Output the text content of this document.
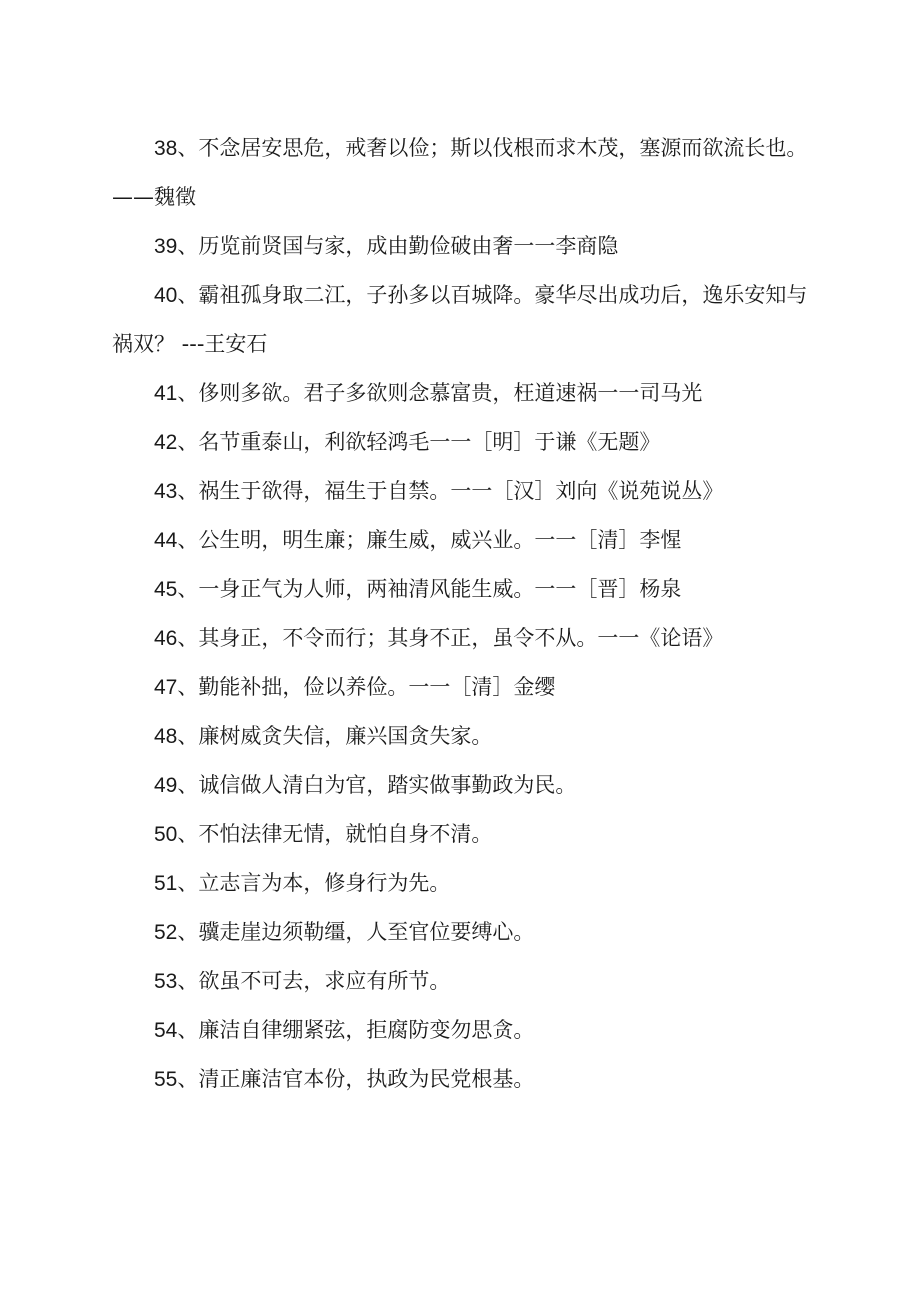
38、不念居安思危，戒奢以俭；斯以伐根而求木茂，塞源而欲流长也。

——魏徵

39、历览前贤国与家，成由勤俭破由奢一一李商隐

40、霸祖孤身取二江，子孙多以百城降。豪华尽出成功后，逸乐安知与祸双？ ---王安石

41、侈则多欲。君子多欲则念慕富贵，枉道速祸一一司马光

42、名节重泰山，利欲轻鸿毛一一［明］于谦《无题》

43、祸生于欲得，福生于自禁。一一［汉］刘向《说苑说丛》

44、公生明，明生廉；廉生威，威兴业。一一［清］李惺

45、一身正气为人师，两袖清风能生威。一一［晋］杨泉

46、其身正，不令而行；其身不正，虽令不从。一一《论语》

47、勤能补拙，俭以养俭。一一［清］金缨

48、廉树威贪失信，廉兴国贪失家。

49、诚信做人清白为官，踏实做事勤政为民。

50、不怕法律无情，就怕自身不清。

51、立志言为本，修身行为先。

52、骥走崖边须勒缰，人至官位要缚心。

53、欲虽不可去，求应有所节。

54、廉洁自律绷紧弦，拒腐防变勿思贪。

55、清正廉洁官本份，执政为民党根基。
